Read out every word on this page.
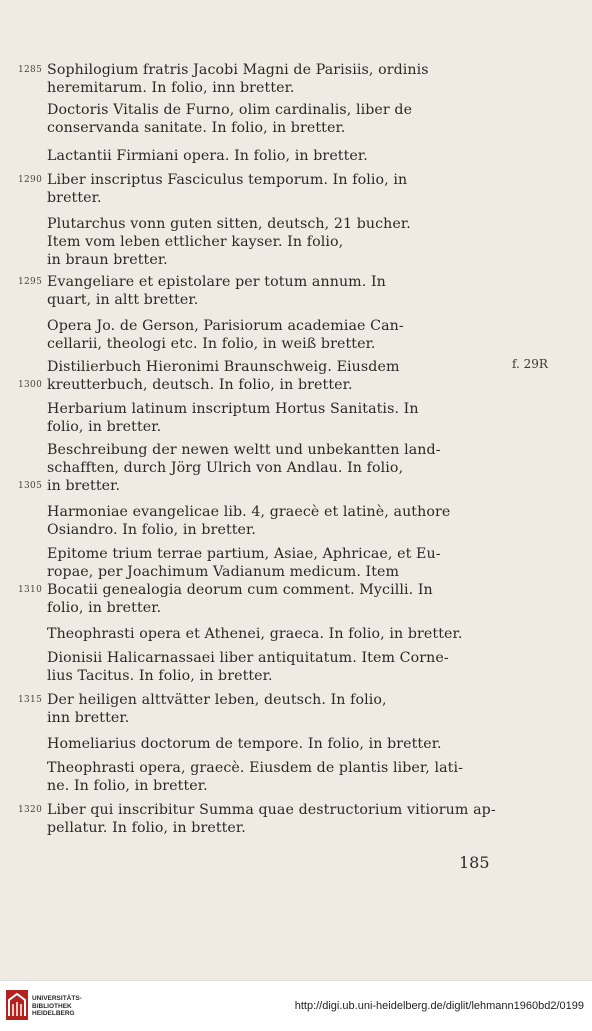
Sophilogium fratris Jacobi Magni de Parisiis, ordinis
heremitarum. In folio, inn bretter.
Doctoris Vitalis de Furno, olim cardinalis, liber de
conservanda sanitate. In folio, in bretter.
Lactantii Firmiani opera. In folio, in bretter.
Liber inscriptus Fasciculus temporum. In folio, in
bretter.
Plutarchus vonn guten sitten, deutsch, 21 bucher.
Item vom leben ettlicher kayser. In folio,
in braun bretter.
Evangeliare et epistolare per totum annum. In
quart, in altt bretter.
Opera Jo. de Gerson, Parisiorum academiae Can-
cellarii, theologi etc. In folio, in weiß bretter.
Distilierbuch Hieronimi Braunschweig. Eiusdem
kreutterbuch, deutsch. In folio, in bretter.
Herbarium latinum inscriptum Hortus Sanitatis. In
folio, in bretter.
Beschreibung der newen weltt und unbekantten land-
schafften, durch Jörg Ulrich von Andlau. In folio,
in bretter.
Harmoniae evangelicae lib. 4, graecè et latinè, authore
Osiandro. In folio, in bretter.
Epitome trium terrae partium, Asiae, Aphricae, et Eu-
ropae, per Joachimum Vadianum medicum. Item
Bocatii genealogia deorum cum comment. Mycilli. In
folio, in bretter.
Theophrasti opera et Athenei, graeca. In folio, in bretter.
Dionisii Halicarnassaei liber antiquitatum. Item Corne-
lius Tacitus. In folio, in bretter.
Der heiligen alttvätter leben, deutsch. In folio,
inn bretter.
Homeliarius doctorum de tempore. In folio, in bretter.
Theophrasti opera, graecè. Eiusdem de plantis liber, lati-
ne. In folio, in bretter.
Liber qui inscribitur Summa quae destructorium vitiorum ap-
pellatur. In folio, in bretter.
1285
1290
1295
1300
1305
1310
1315
1320
f. 29R
185
UNIVERSITÄTS-
BIBLIOTHEK
HEIDELBERG
http://digi.ub.uni-heidelberg.de/diglit/lehmann1960bd2/0199
